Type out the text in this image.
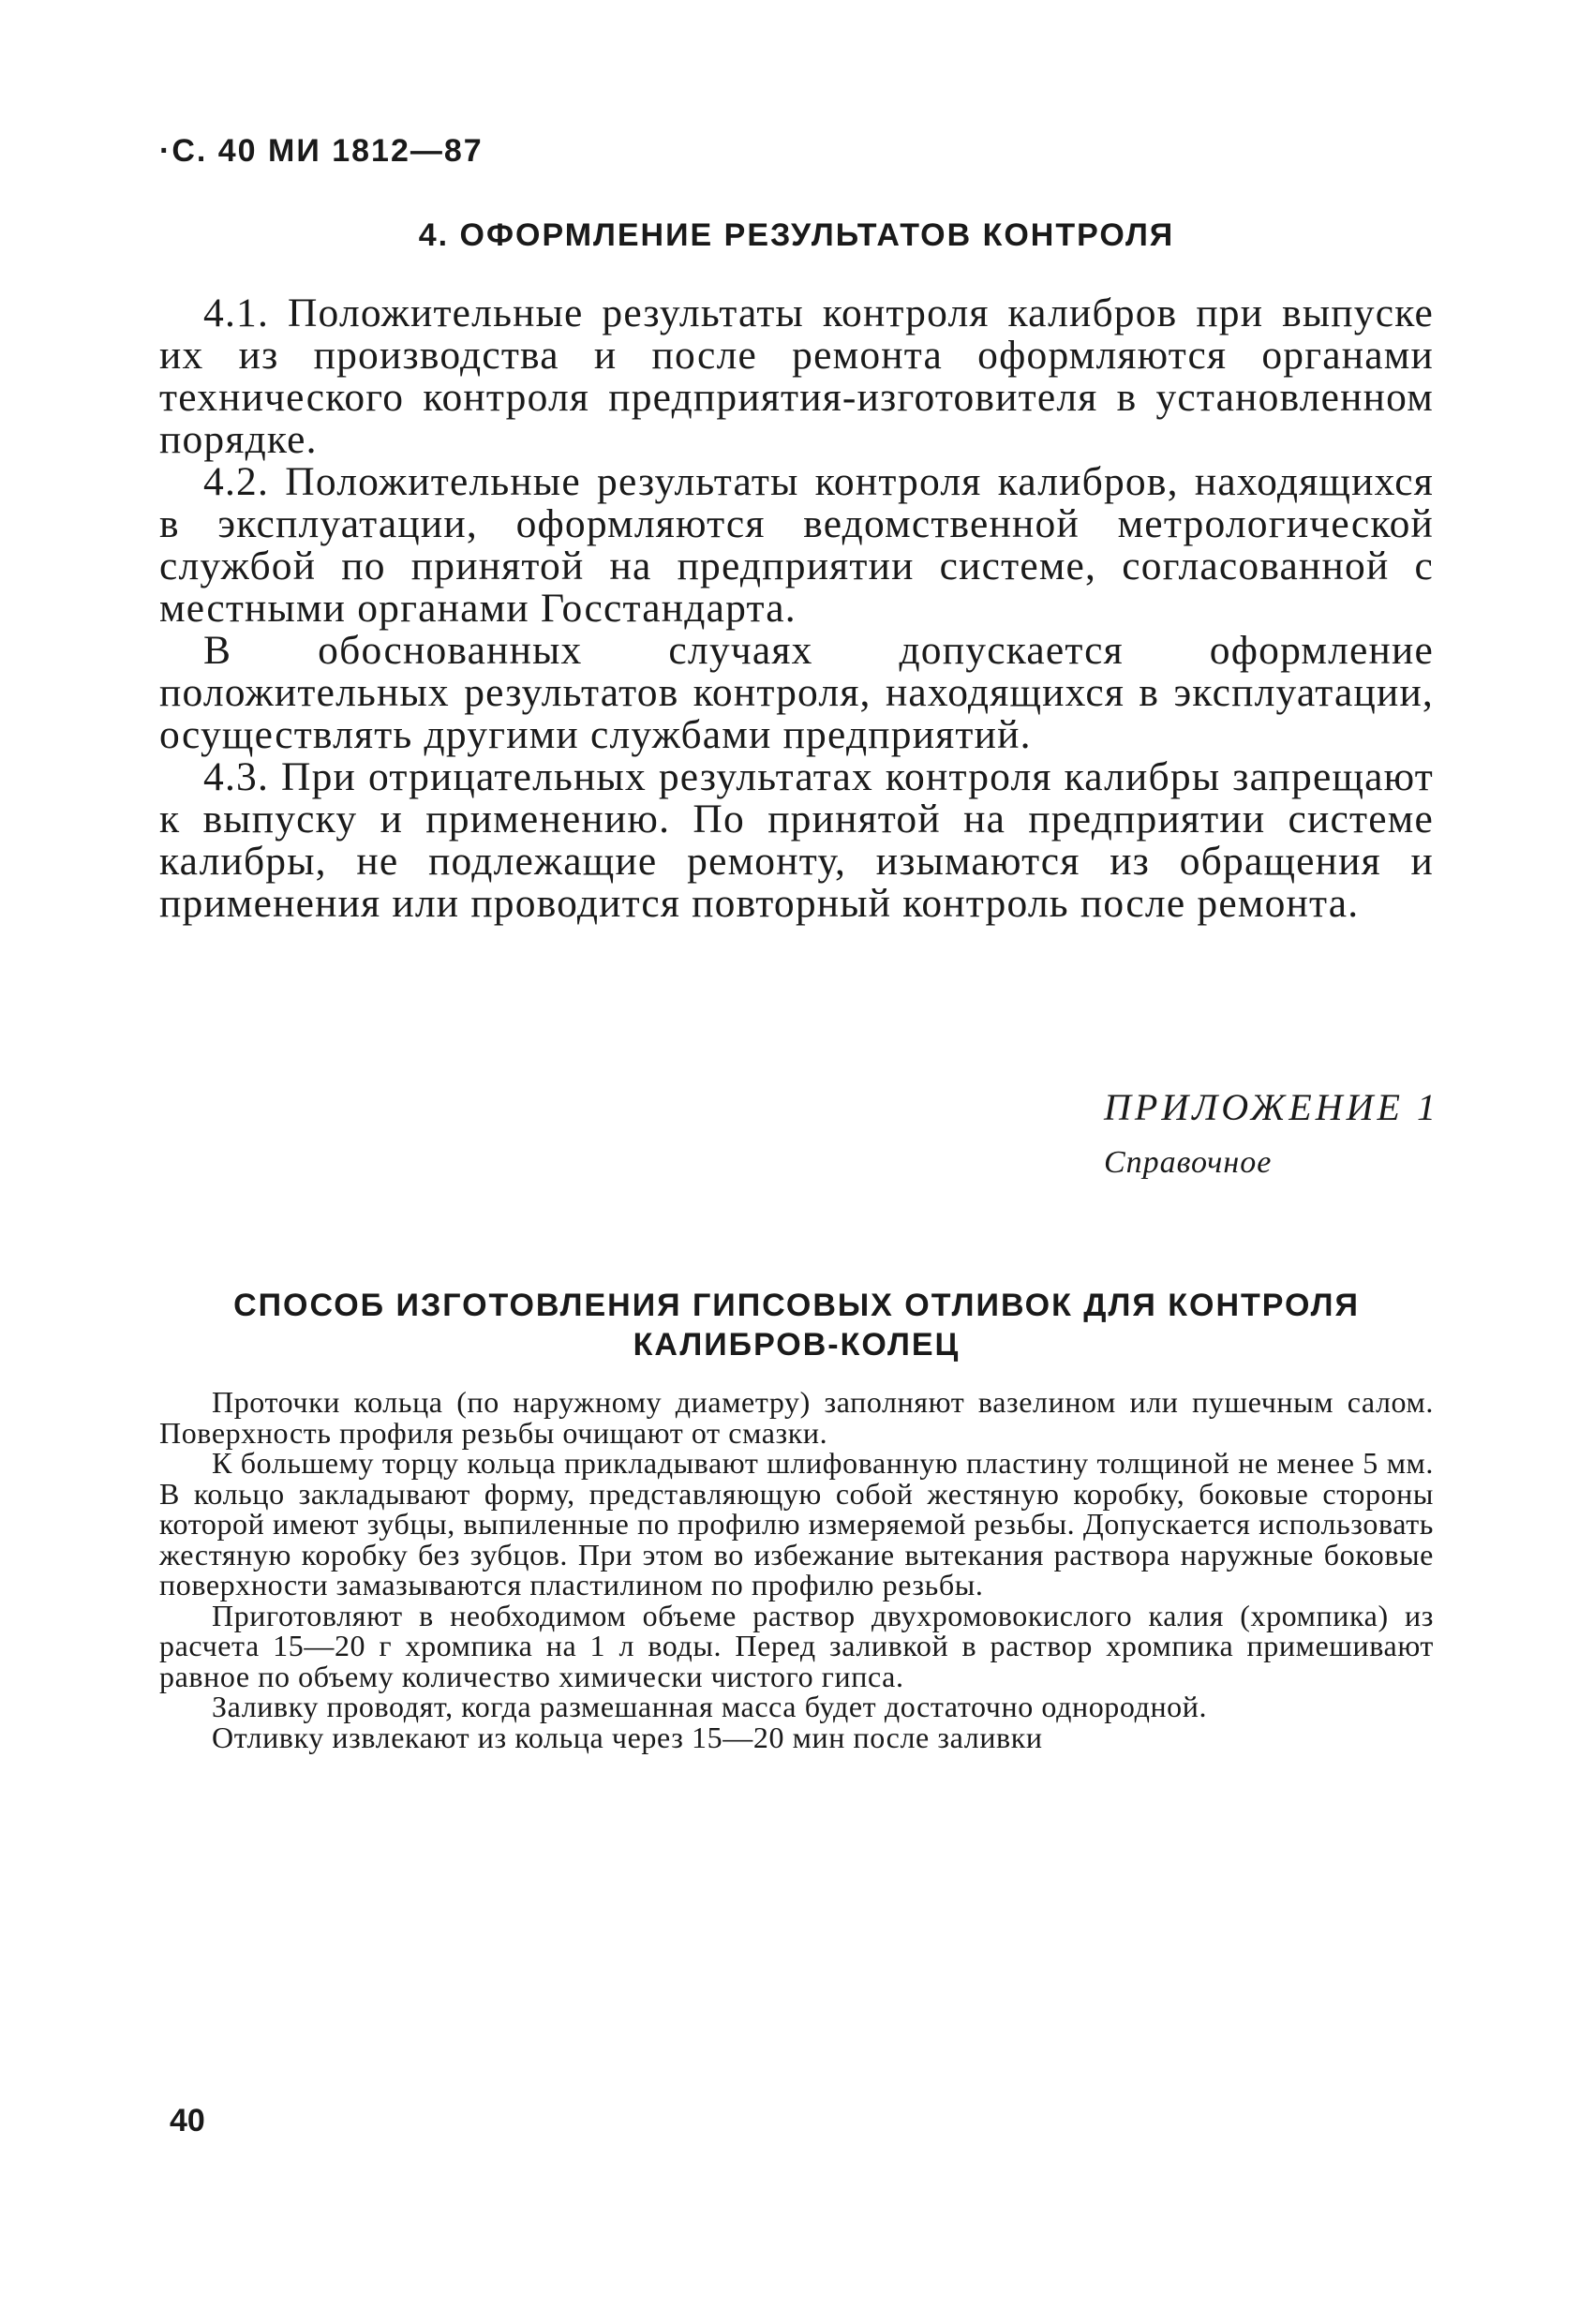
·С. 40 МИ 1812—87
4. ОФОРМЛЕНИЕ РЕЗУЛЬТАТОВ КОНТРОЛЯ

4.1. Положительные результаты контроля калибров при выпуске их из производства и после ремонта оформляются органами технического контроля предприятия-изготовителя в установленном порядке.

4.2. Положительные результаты контроля калибров, находящихся в эксплуатации, оформляются ведомственной метрологической службой по принятой на предприятии системе, согласованной с местными органами Госстандарта.

В обоснованных случаях допускается оформление положительных результатов контроля, находящихся в эксплуатации, осуществлять другими службами предприятий.

4.3. При отрицательных результатах контроля калибры запрещают к выпуску и применению. По принятой на предприятии системе калибры, не подлежащие ремонту, изымаются из обращения и применения или проводится повторный контроль после ремонта.

ПРИЛОЖЕНИЕ 1
Справочное
СПОСОБ ИЗГОТОВЛЕНИЯ ГИПСОВЫХ ОТЛИВОК ДЛЯ КОНТРОЛЯ
КАЛИБРОВ-КОЛЕЦ

Проточки кольца (по наружному диаметру) заполняют вазелином или пушечным салом. Поверхность профиля резьбы очищают от смазки.

К большему торцу кольца прикладывают шлифованную пластину толщиной не менее 5 мм. В кольцо закладывают форму, представляющую собой жестяную коробку, боковые стороны которой имеют зубцы, выпиленные по профилю измеряемой резьбы. Допускается использовать жестяную коробку без зубцов. При этом во избежание вытекания раствора наружные боковые поверхности замазываются пластилином по профилю резьбы.

Приготовляют в необходимом объеме раствор двухромовокислого калия (хромпика) из расчета 15—20 г хромпика на 1 л воды. Перед заливкой в раствор хромпика примешивают равное по объему количество химически чистого гипса.

Заливку проводят, когда размешанная масса будет достаточно однородной.

Отливку извлекают из кольца через 15—20 мин после заливки

40
